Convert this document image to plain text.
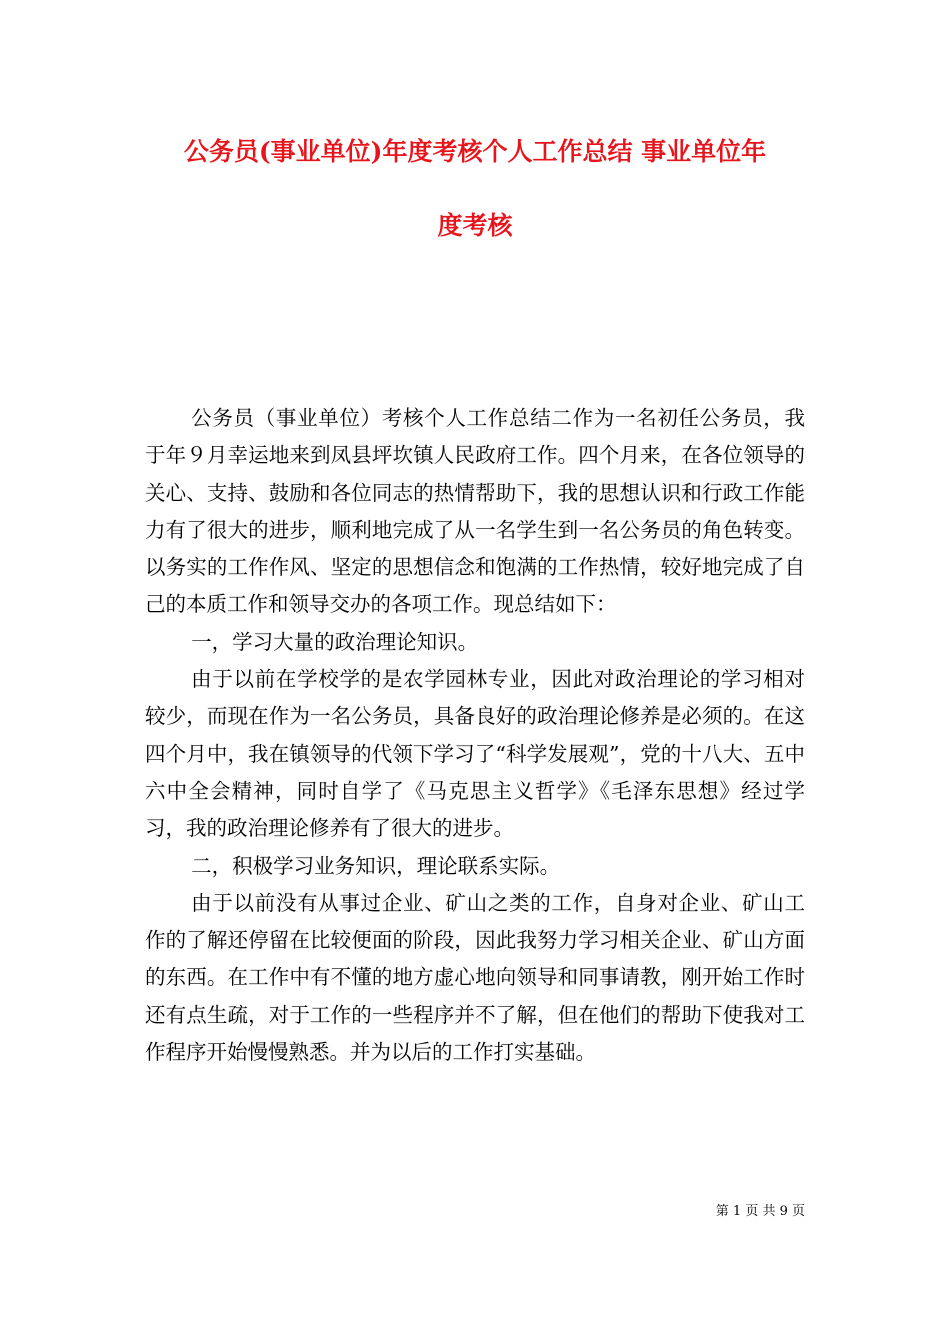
公务员(事业单位)年度考核个人工作总结 事业单位年
度考核

公务员（事业单位）考核个人工作总结二作为一名初任公务员，我于年９月幸运地来到凤县坪坎镇人民政府工作。四个月来，在各位领导的关心、支持、鼓励和各位同志的热情帮助下，我的思想认识和行政工作能力有了很大的进步，顺利地完成了从一名学生到一名公务员的角色转变。以务实的工作作风、坚定的思想信念和饱满的工作热情，较好地完成了自己的本质工作和领导交办的各项工作。现总结如下：

一，学习大量的政治理论知识。

由于以前在学校学的是农学园林专业，因此对政治理论的学习相对较少，而现在作为一名公务员，具备良好的政治理论修养是必须的。在这四个月中，我在镇领导的代领下学习了“科学发展观”，党的十八大、五中六中全会精神，同时自学了《马克思主义哲学》《毛泽东思想》经过学习，我的政治理论修养有了很大的进步。

二，积极学习业务知识，理论联系实际。

由于以前没有从事过企业、矿山之类的工作，自身对企业、矿山工作的了解还停留在比较便面的阶段，因此我努力学习相关企业、矿山方面的东西。在工作中有不懂的地方虚心地向领导和同事请教，刚开始工作时还有点生疏，对于工作的一些程序并不了解，但在他们的帮助下使我对工作程序开始慢慢熟悉。并为以后的工作打实基础。

第 1 页 共 9 页
